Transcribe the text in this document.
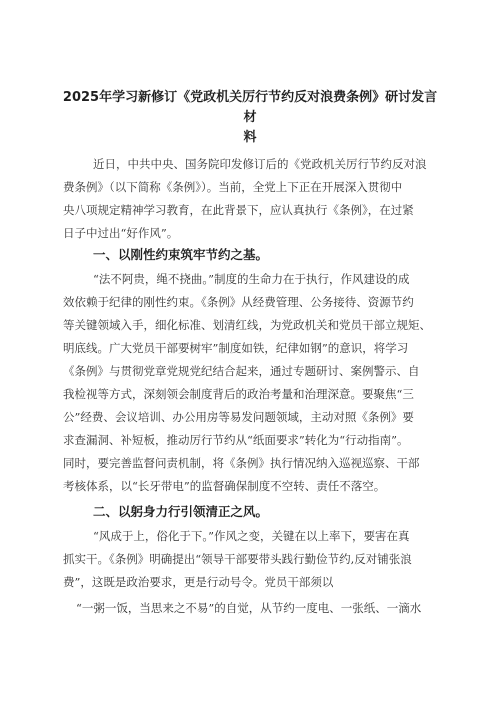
2025年学习新修订《党政机关厉行节约反对浪费条例》研讨发言材
料
近日，中共中央、国务院印发修订后的《党政机关厉行节约反对浪
费条例》（以下简称《条例》）。当前，全党上下正在开展深入贯彻中
央八项规定精神学习教育，在此背景下，应认真执行《条例》，在过紧
日子中过出“好作风”。
一、以刚性约束筑牢节约之基。
“法不阿贵，绳不挠曲。”制度的生命力在于执行，作风建设的成
效依赖于纪律的刚性约束。《条例》从经费管理、公务接待、资源节约
等关键领域入手，细化标准、划清红线，为党政机关和党员干部立规矩、
明底线。广大党员干部要树牢”制度如铁，纪律如钢”的意识，将学习
《条例》与贯彻党章党规党纪结合起来，通过专题研讨、案例警示、自
我检视等方式，深刻领会制度背后的政治考量和治理深意。要聚焦“三
公”经费、会议培训、办公用房等易发问题领域，主动对照《条例》要
求查漏洞、补短板，推动厉行节约从“纸面要求”转化为“行动指南”。
同时，要完善监督问责机制，将《条例》执行情况纳入巡视巡察、干部
考核体系，以“长牙带电”的监督确保制度不空转、责任不落空。
二、以躬身力行引领清正之风。
“风成于上，俗化于下。”作风之变，关键在以上率下，要害在真
抓实干。《条例》明确提出“领导干部要带头践行勤俭节约,反对铺张浪
费”，这既是政治要求，更是行动号令。党员干部须以
“一粥一饭，当思来之不易”的自觉，从节约一度电、一张纸、一滴水
